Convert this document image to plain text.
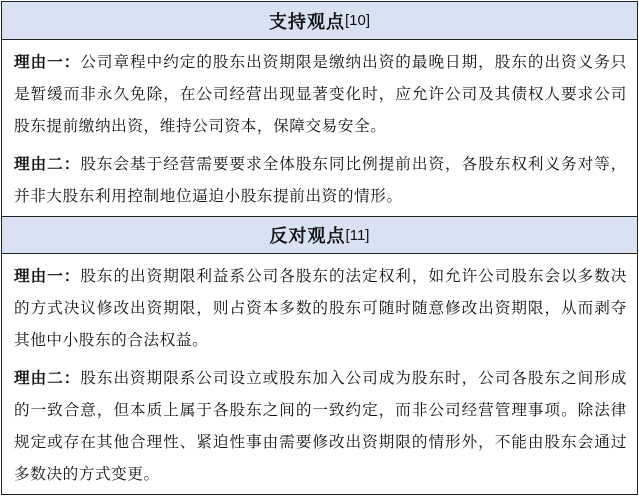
支持观点 [10]

理由一：公司章程中约定的股东出资期限是缴纳出资的最晚日期，股东的出资义务只是暂缓而非永久免除，在公司经营出现显著变化时，应允许公司及其债权人要求公司股东提前缴纳出资，维持公司资本，保障交易安全。

理由二：股东会基于经营需要要求全体股东同比例提前出资，各股东权利义务对等，并非大股东利用控制地位逼迫小股东提前出资的情形。

反对观点 [11]

理由一：股东的出资期限利益系公司各股东的法定权利，如允许公司股东会以多数决的方式决议修改出资期限，则占资本多数的股东可随时随意修改出资期限，从而剥夺其他中小股东的合法权益。

理由二：股东出资期限系公司设立或股东加入公司成为股东时，公司各股东之间形成的一致合意，但本质上属于各股东之间的一致约定，而非公司经营管理事项。除法律规定或存在其他合理性、紧迫性事由需要修改出资期限的情形外，不能由股东会通过多数决的方式变更。
